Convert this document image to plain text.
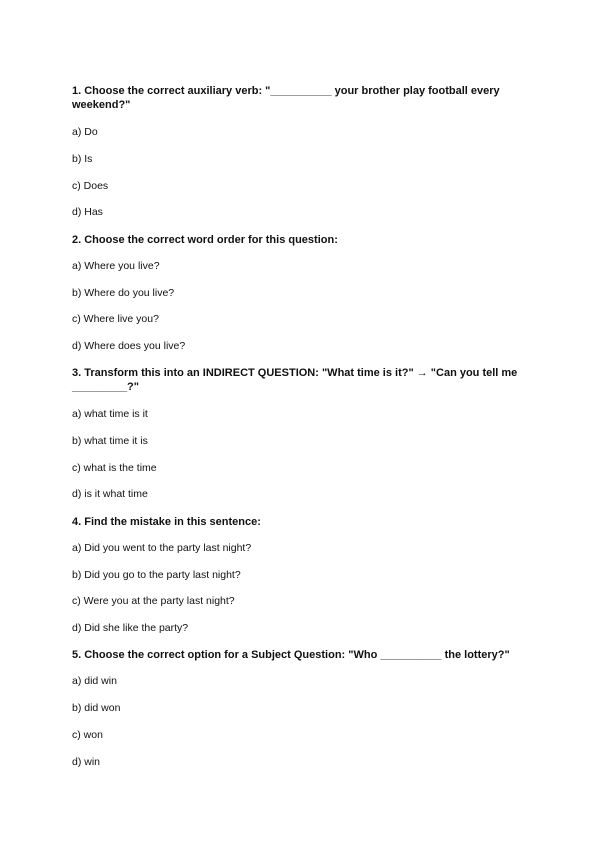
1. Choose the correct auxiliary verb: "__________ your brother play football every weekend?"

a) Do

b) Is

c) Does

d) Has

2. Choose the correct word order for this question:

a) Where you live?

b) Where do you live?

c) Where live you?

d) Where does you live?

3. Transform this into an INDIRECT QUESTION: "What time is it?" → "Can you tell me _________?"

a) what time is it

b) what time it is

c) what is the time

d) is it what time

4. Find the mistake in this sentence:

a) Did you went to the party last night?

b) Did you go to the party last night?

c) Were you at the party last night?

d) Did she like the party?

5. Choose the correct option for a Subject Question: "Who __________ the lottery?"

a) did win

b) did won

c) won

d) win
